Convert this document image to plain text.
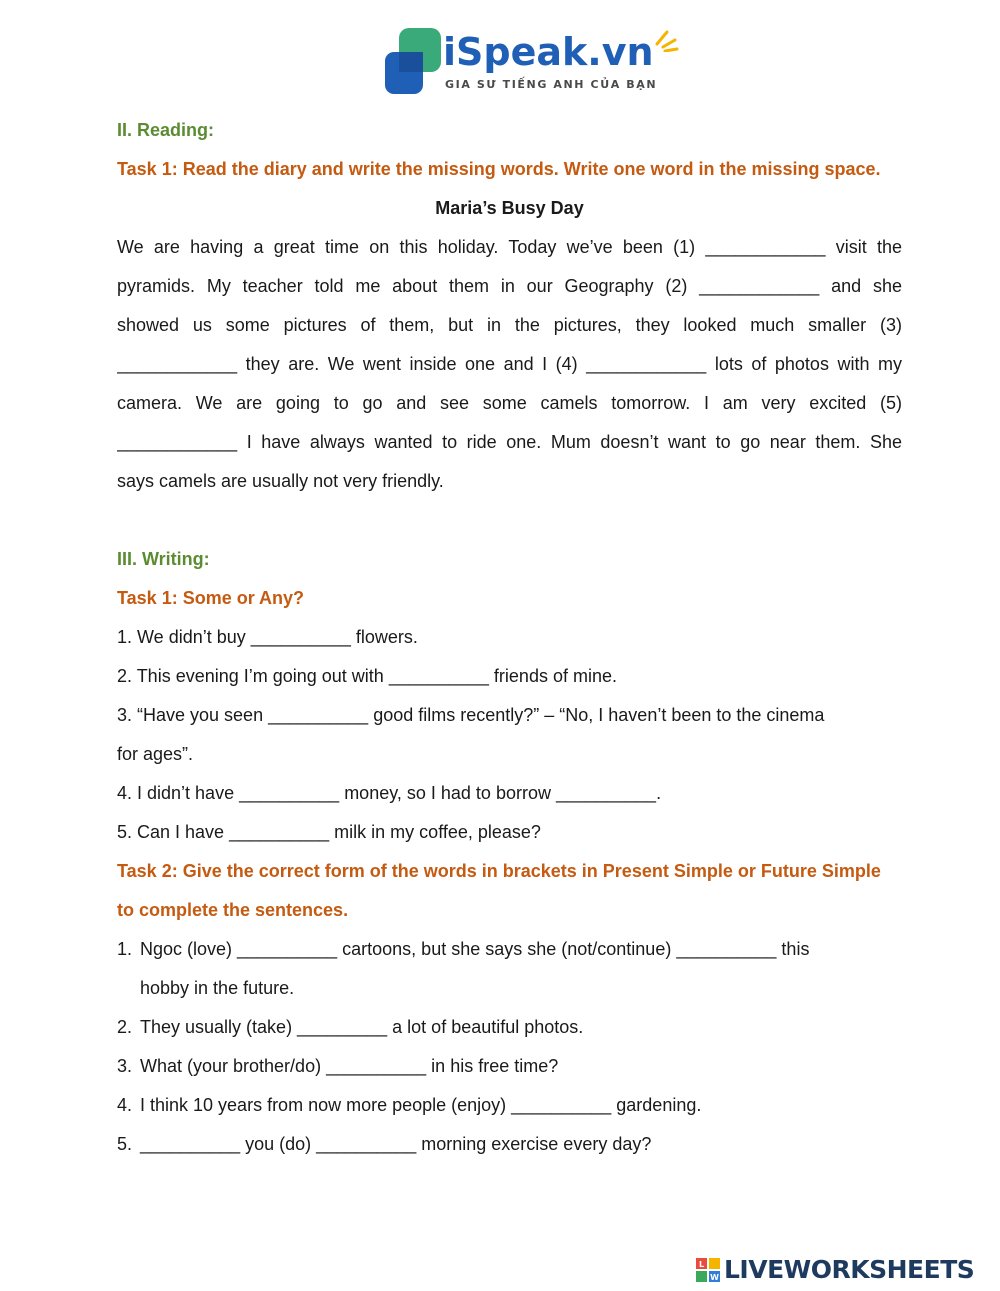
iSpeak.vn
GIA SƯ TIẾNG ANH CỦA BẠN
II. Reading:
Task 1: Read the diary and write the missing words. Write one word in the missing space.
Maria’s Busy Day
We are having a great time on this holiday. Today we’ve been (1) ____________ visit the
pyramids. My teacher told me about them in our Geography (2) ____________ and she
showed us some pictures of them, but in the pictures, they looked much smaller (3)
____________ they are. We went inside one and I (4) ____________ lots of photos with my
camera. We are going to go and see some camels tomorrow. I am very excited (5)
____________ I have always wanted to ride one. Mum doesn’t want to go near them. She
says camels are usually not very friendly.
III. Writing:
Task 1: Some or Any?
1. We didn’t buy __________ flowers.
2. This evening I’m going out with __________ friends of mine.
3. “Have you seen __________ good films recently?” – “No, I haven’t been to the cinema
for ages”.
4. I didn’t have __________ money, so I had to borrow __________.
5. Can I have __________ milk in my coffee, please?
Task 2: Give the correct form of the words in brackets in Present Simple or Future Simple
to complete the sentences.
1. Ngoc (love) __________ cartoons, but she says she (not/continue) __________ this
hobby in the future.
2. They usually (take) _________ a lot of beautiful photos.
3. What (your brother/do) __________ in his free time?
4. I think 10 years from now more people (enjoy) __________ gardening.
5. __________ you (do) __________ morning exercise every day?
L
W LIVEWORKSHEETS
